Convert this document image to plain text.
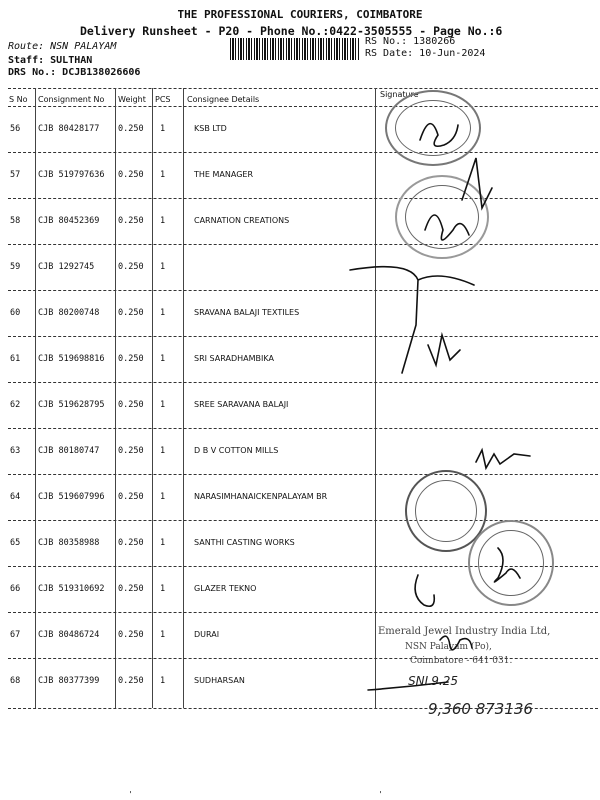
THE PROFESSIONAL COURIERS, COIMBATORE
Delivery Runsheet - P20 - Phone No.:0422-3505555 - Page No.:6
Route: NSN PALAYAM
Staff: SULTHAN
DRS No.: DCJB138026606
RS No.: 1380266
RS Date: 10-Jun-2024
S No Consignment No Weight PCS Consignee Details
Signature
56 CJB 80428177 0.250 1	KSB LTD
57 CJB 519797636 0.250 1	THE MANAGER
58 CJB 80452369 0.250 1	CARNATION CREATIONS
59 CJB 1292745	0.250 1
60 CJB 80200748 0.250 1	SRAVANA BALAJI TEXTILES
61 CJB 519698816 0.250 1	SRI SARADHAMBIKA
62 CJB 519628795 0.250 1	SREE SARAVANA BALAJI
63 CJB 80180747 0.250 1	D B V COTTON MILLS
64 CJB 519607996 0.250 1	NARASIMHANAICKENPALAYAM BR
65 CJB 80358988 0.250 1	SANTHI CASTING WORKS
66 CJB 519310692 0.250 1	GLAZER TEKNO
67 CJB 80486724 0.250 1	DURAI
68 CJB 80377399 0.250 1	SUDHARSAN
Emerald Jewel Industry India Ltd,
NSN Palayam (Po),
Coimbatore - 641 031.
SNL9.25
9,360 873136
'	'
